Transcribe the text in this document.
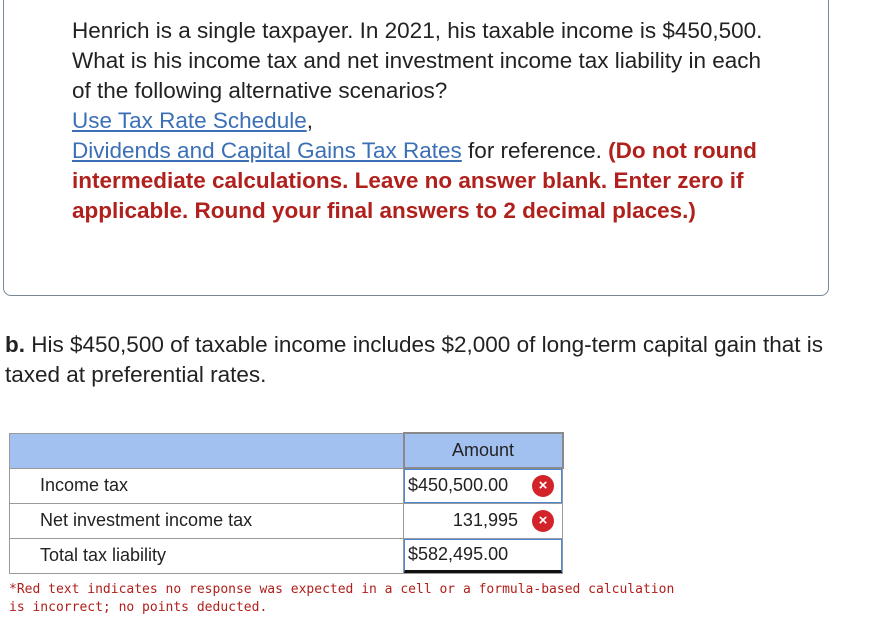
Henrich is a single taxpayer. In 2021, his taxable income is $450,500. What is his income tax and net investment income tax liability in each of the following alternative scenarios?
Use Tax Rate Schedule,
Dividends and Capital Gains Tax Rates for reference. (Do not round intermediate calculations. Leave no answer blank. Enter zero if applicable. Round your final answers to 2 decimal places.)
b. His $450,500 of taxable income includes $2,000 of long-term capital gain that is taxed at preferential rates.
	Amount
Income tax	$450,500.00 ×

Net investment income tax	131,995 ×

Total tax liability	$582,495.00
*Red text indicates no response was expected in a cell or a formula-based calculation is incorrect; no points deducted.
